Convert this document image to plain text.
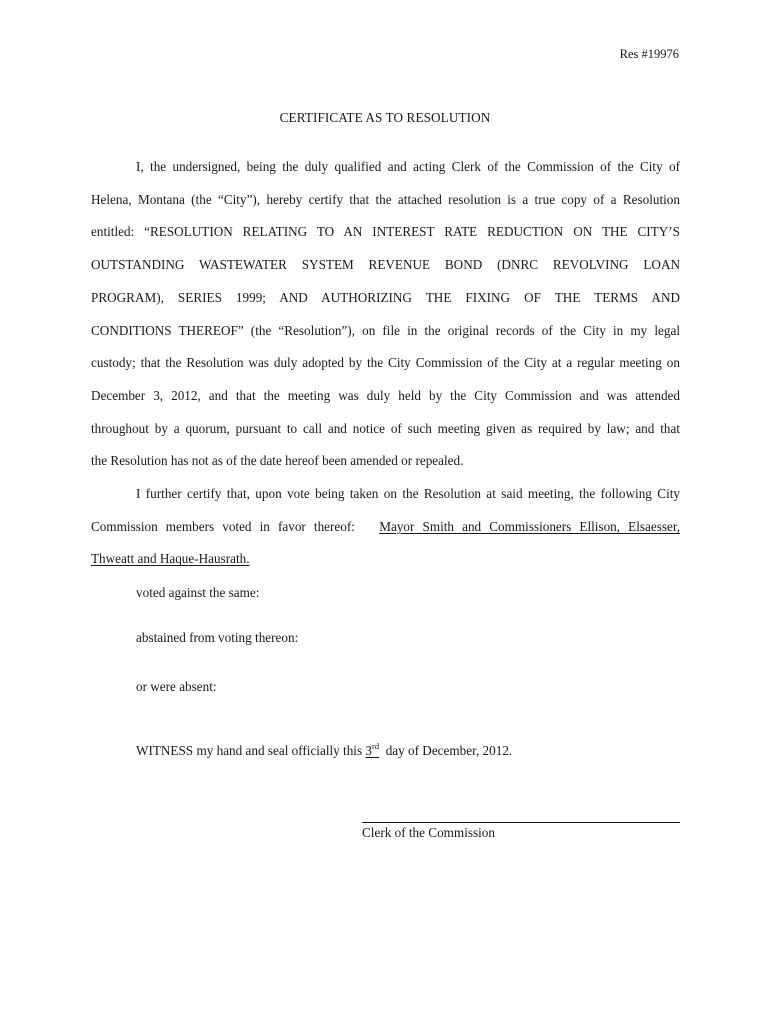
Res #19976
CERTIFICATE AS TO RESOLUTION
I, the undersigned, being the duly qualified and acting Clerk of the Commission of the City of
Helena, Montana (the “City”), hereby certify that the attached resolution is a true copy of a Resolution
entitled: “RESOLUTION RELATING TO AN INTEREST RATE REDUCTION ON THE CITY’S
OUTSTANDING WASTEWATER SYSTEM REVENUE BOND (DNRC REVOLVING LOAN
PROGRAM), SERIES 1999; AND AUTHORIZING THE FIXING OF THE TERMS AND
CONDITIONS THEREOF” (the “Resolution”), on file in the original records of the City in my legal
custody; that the Resolution was duly adopted by the City Commission of the City at a regular meeting on
December 3, 2012, and that the meeting was duly held by the City Commission and was attended
throughout by a quorum, pursuant to call and notice of such meeting given as required by law; and that
the Resolution has not as of the date hereof been amended or repealed.
I further certify that, upon vote being taken on the Resolution at said meeting, the following City
Commission members voted in favor thereof: Mayor Smith and Commissioners Ellison, Elsaesser,
Thweatt and Haque-Hausrath.
voted against the same:
abstained from voting thereon:
or were absent:
WITNESS my hand and seal officially this 3rd day of December, 2012.
Clerk of the Commission
